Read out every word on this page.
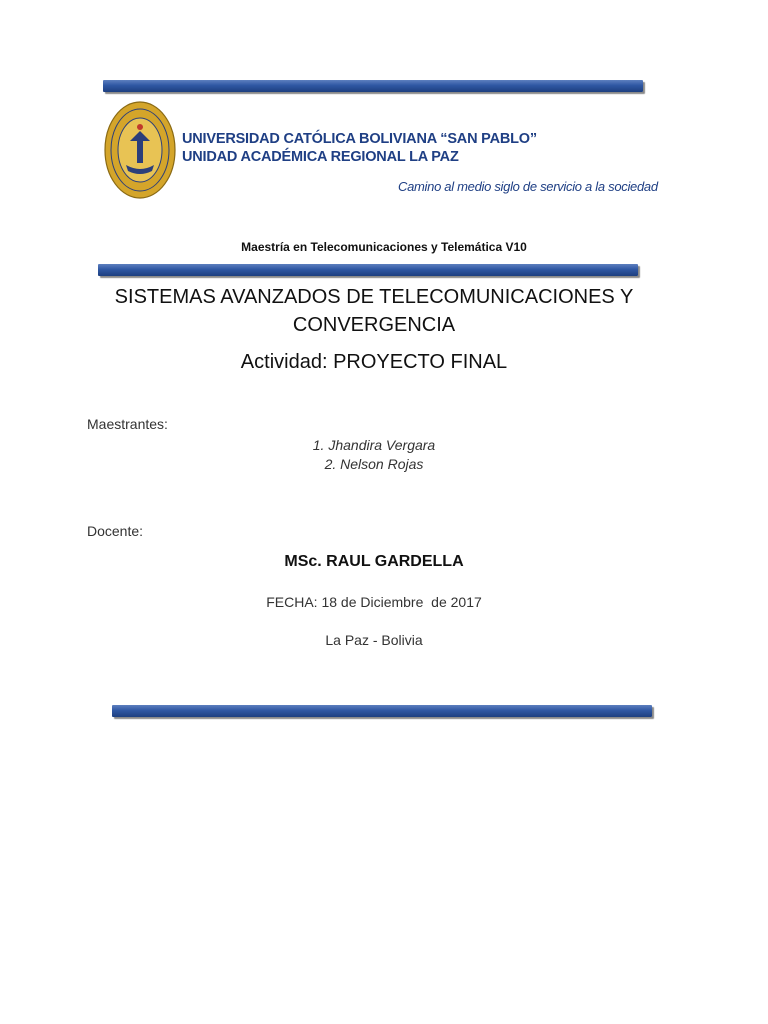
UNIVERSIDAD CATÓLICA BOLIVIANA “SAN PABLO”
UNIDAD ACADÉMICA REGIONAL LA PAZ
Camino al medio siglo de servicio a la sociedad
Maestría en Telecomunicaciones y Telemática V10
SISTEMAS AVANZADOS DE TELECOMUNICACIONES Y
CONVERGENCIA
Actividad: PROYECTO FINAL
Maestrantes:
1. Jhandira Vergara
2. Nelson Rojas
Docente:
MSc. RAUL GARDELLA
FECHA: 18 de Diciembre  de 2017
La Paz - Bolivia
